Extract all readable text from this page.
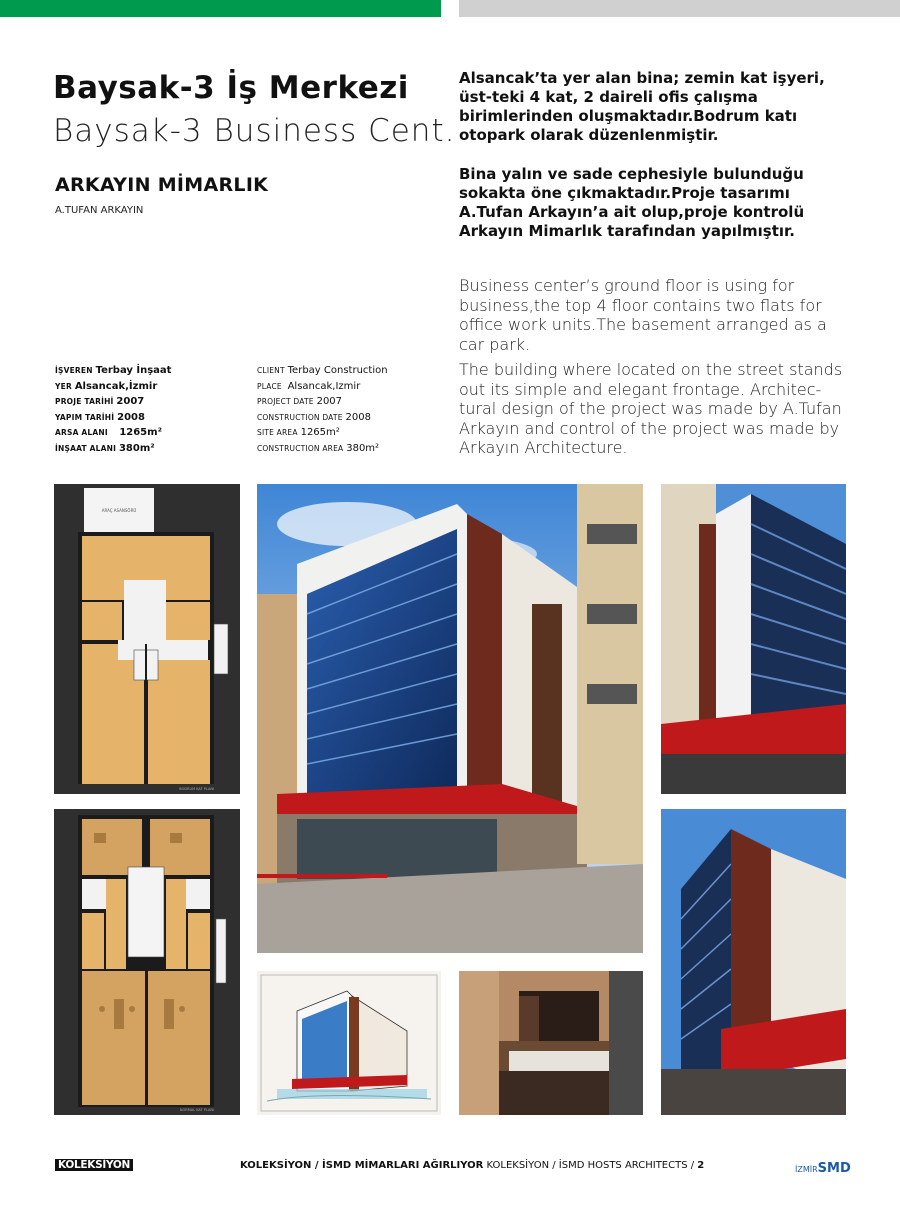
Baysak-3 İş Merkezi
Baysak-3 Business Cent.
ARKAYIN MİMARLIK
A.TUFAN ARKAYIN
Alsancak’ta yer alan bina; zemin kat işyeri, üst-teki 4 kat, 2 daireli ofis çalışma birimlerinden oluşmaktadır.Bodrum katı otopark olarak düzenlenmiştir.
Bina yalın ve sade cephesiyle bulunduğu sokakta öne çıkmaktadır.Proje tasarımı A.Tufan Arkayın’a ait olup,proje kontrolü Arkayın Mimarlık tarafından yapılmıştır.
Business center’s ground floor is using for business,the top 4 floor contains two flats for office work units.The basement arranged as a car park.
The building where located on the street stands out its simple and elegant frontage. Architec-tural design of the project was made by A.Tufan Arkayın and control of the project was made by Arkayın Architecture.
İŞVEREN Terbay İnşaat
YER Alsancak,İzmir
PROJE TARİHİ 2007
YAPIM TARİHİ 2008
ARSA ALANI 1265m²
İNŞAAT ALANI 380m²
CLIENT Terbay Construction
PLACE Alsancak,Izmir
PROJECT DATE 2007
CONSTRUCTION DATE 2008
SITE AREA 1265m²
CONSTRUCTION AREA 380m²
ARAÇ ASANSÖRÜ
BODRUM KAT PLANI
NORMAL KAT PLANI
KOLEKSİYON	KOLEKSİYON / İSMD MİMARLARI AĞIRLIYOR KOLEKSİYON / İSMD HOSTS ARCHITECTS / 2	İZMİRSMD
